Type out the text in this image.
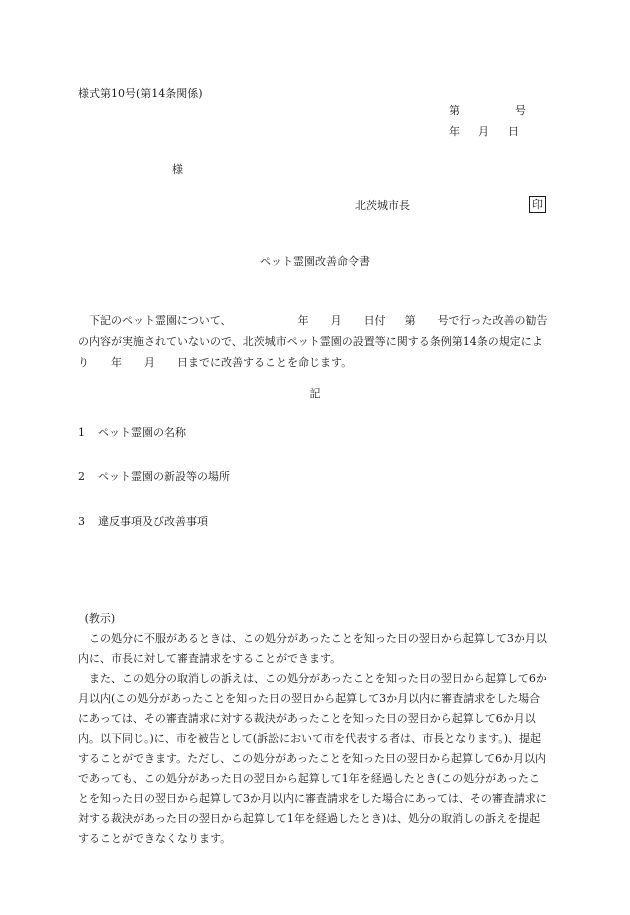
様式第10号(第14条関係)
第	号
年 月 日
様
北茨城市長	印
ペット霊園改善命令書

下記のペット霊園について、	年 月 日付 第 号で行った改善の勧告の内容が実施されていないので、北茨城市ペット霊園の設置等に関する条例第14条の規定により 年 月 日までに改善することを命じます。

記
1 ペット霊園の名称
2 ペット霊園の新設等の場所
3 違反事項及び改善事項

(教示)

この処分に不服があるときは、この処分があったことを知った日の翌日から起算して3か月以内に、市長に対して審査請求をすることができます。

また、この処分の取消しの訴えは、この処分があったことを知った日の翌日から起算して6か月以内(この処分があったことを知った日の翌日から起算して3か月以内に審査請求をした場合にあっては、その審査請求に対する裁決があったことを知った日の翌日から起算して6か月以内。以下同じ。)に、市を被告として(訴訟において市を代表する者は、市長となります。)、提起することができます。ただし、この処分があったことを知った日の翌日から起算して6か月以内であっても、この処分があった日の翌日から起算して1年を経過したとき(この処分があったことを知った日の翌日から起算して3か月以内に審査請求をした場合にあっては、その審査請求に対する裁決があった日の翌日から起算して1年を経過したとき)は、処分の取消しの訴えを提起することができなくなります。
